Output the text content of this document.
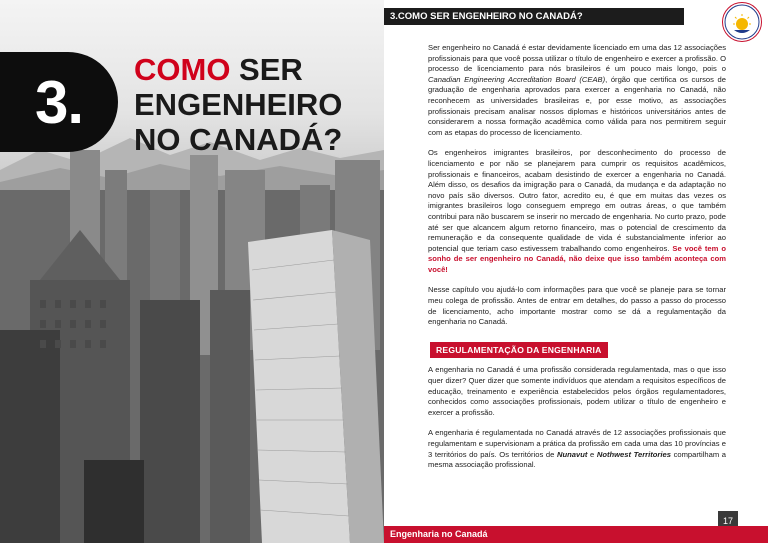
3. COMO SER
ENGENHEIRO
NO CANADÁ?
3.COMO SER ENGENHEIRO NO CANADÁ?

Ser engenheiro no Canadá é estar devidamente licenciado em uma das 12 associações profissionais para que você possa utilizar o título de engenheiro e exercer a profissão. O processo de licenciamento para nós brasileiros é um pouco mais longo, pois o Canadian Engineering Accreditation Board (CEAB), órgão que certifica os cursos de graduação de engenharia aprovados para exercer a engenharia no Canadá, não reconhecem as universidades brasileiras e, por esse motivo, as associações profissionais precisam analisar nossos diplomas e históricos universitários antes de considerarem a nossa formação acadêmica como válida para nos permitirem seguir com as etapas do processo de licenciamento.

Os engenheiros imigrantes brasileiros, por desconhecimento do processo de licenciamento e por não se planejarem para cumprir os requisitos acadêmicos, profissionais e financeiros, acabam desistindo de exercer a engenharia no Canadá. Além disso, os desafios da imigração para o Canadá, da mudança e da adaptação no novo país são diversos. Outro fator, acredito eu, é que em muitas das vezes os imigrantes brasileiros logo conseguem emprego em outras áreas, o que também contribui para não buscarem se inserir no mercado de engenharia. No curto prazo, pode até ser que alcancem algum retorno financeiro, mas o potencial de crescimento da remuneração e da consequente qualidade de vida é substancialmente inferior ao potencial que teriam caso estivessem trabalhando como engenheiros. Se você tem o sonho de ser engenheiro no Canadá, não deixe que isso também aconteça com você!

Nesse capítulo vou ajudá-lo com informações para que você se planeje para se tornar meu colega de profissão. Antes de entrar em detalhes, do passo a passo do processo de licenciamento, acho importante mostrar como se dá a regulamentação da engenharia no Canadá.

REGULAMENTAÇÃO DA ENGENHARIA

A engenharia no Canadá é uma profissão considerada regulamentada, mas o que isso quer dizer? Quer dizer que somente indivíduos que atendam a requisitos específicos de educação, treinamento e experiência estabelecidos pelos órgãos regulamentadores, conhecidos como associações profissionais, podem utilizar o título de engenheiro e exercer a profissão.

A engenharia é regulamentada no Canadá através de 12 associações profissionais que regulamentam e supervisionam a prática da profissão em cada uma das 10 províncias e 3 territórios do país. Os territórios de Nunavut e Nothwest Territories compartilham a mesma associação profissional.

17
Engenharia no Canadá
